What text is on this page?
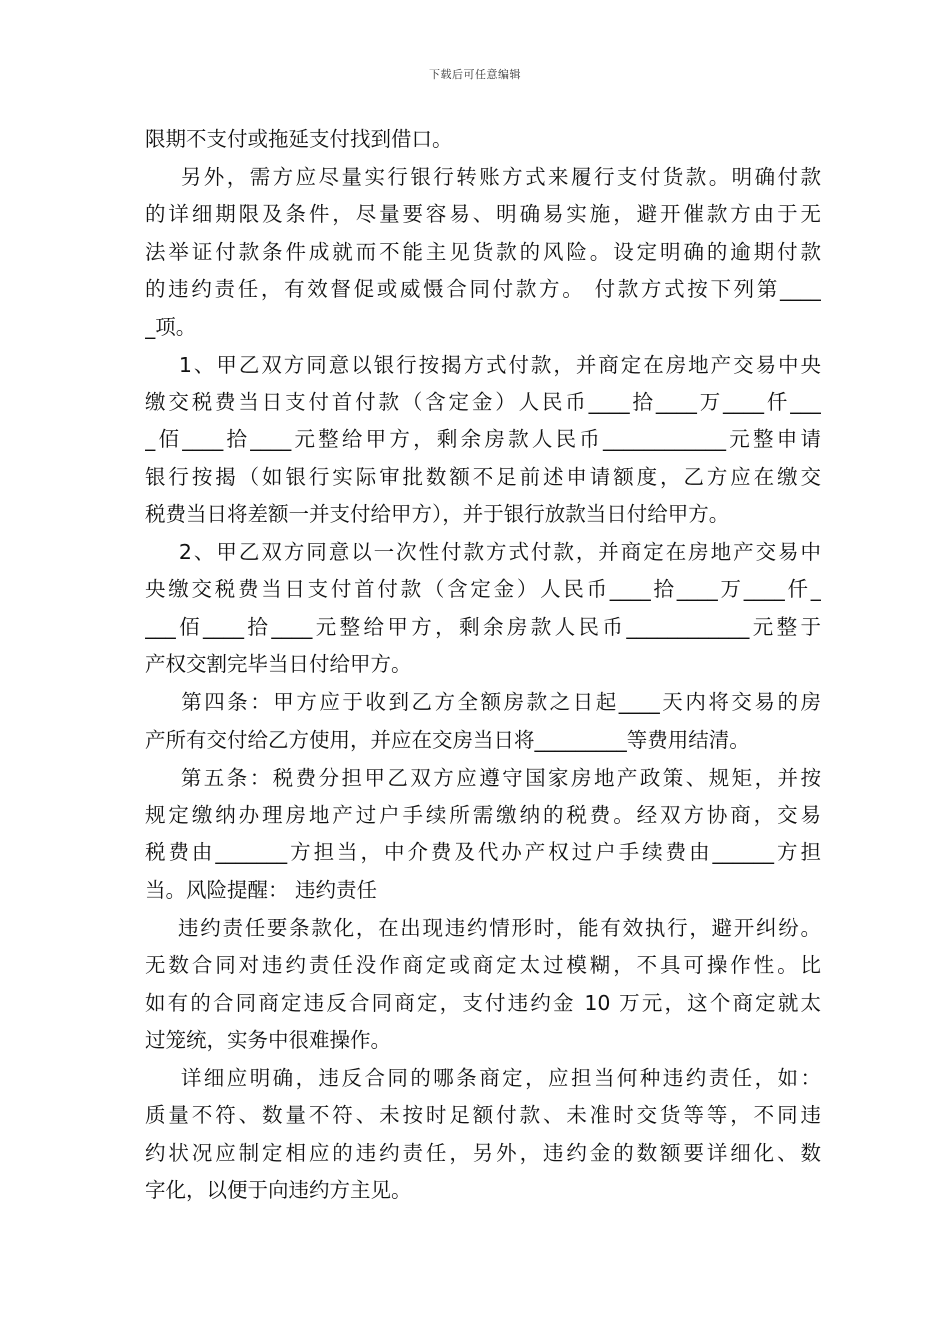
下载后可任意编辑
限期不支付或拖延支付找到借口。
另外，需方应尽量实行银行转账方式来履行支付货款。明确付款
的详细期限及条件，尽量要容易、明确易实施，避开催款方由于无
法举证付款条件成就而不能主见货款的风险。设定明确的逾期付款
的违约责任，有效督促或威慑合同付款方。 付款方式按下列第____
_项。
1、甲乙双方同意以银行按揭方式付款，并商定在房地产交易中央
缴交税费当日支付首付款（含定金）人民币____拾____万____仟___
_佰____拾____元整给甲方，剩余房款人民币____________元整申请
银行按揭（如银行实际审批数额不足前述申请额度，乙方应在缴交
税费当日将差额一并支付给甲方），并于银行放款当日付给甲方。
2、甲乙双方同意以一次性付款方式付款，并商定在房地产交易中
央缴交税费当日支付首付款（含定金）人民币____拾____万____仟_
___佰____拾____元整给甲方，剩余房款人民币____________元整于
产权交割完毕当日付给甲方。
第四条：甲方应于收到乙方全额房款之日起____天内将交易的房
产所有交付给乙方使用，并应在交房当日将_________等费用结清。
第五条：税费分担甲乙双方应遵守国家房地产政策、规矩，并按
规定缴纳办理房地产过户手续所需缴纳的税费。经双方协商，交易
税费由_______方担当，中介费及代办产权过户手续费由______方担
当。风险提醒： 违约责任
违约责任要条款化，在出现违约情形时，能有效执行，避开纠纷。
无数合同对违约责任没作商定或商定太过模糊，不具可操作性。比
如有的合同商定违反合同商定，支付违约金 10 万元，这个商定就太
过笼统，实务中很难操作。
详细应明确，违反合同的哪条商定，应担当何种违约责任，如：
质量不符、数量不符、未按时足额付款、未准时交货等等，不同违
约状况应制定相应的违约责任，另外，违约金的数额要详细化、数
字化，以便于向违约方主见。
